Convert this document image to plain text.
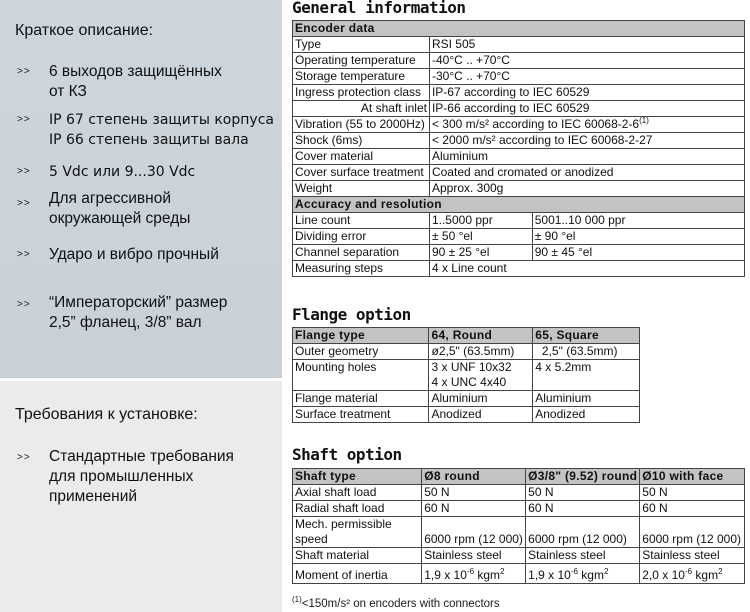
Краткое описание:
>> 6 выходов защищённых
от КЗ
>> IP 67 степень защиты корпуса
IP 66 степень защиты вала
>> 5 Vdc или 9...30 Vdc
>> Для агрессивной
окружающей среды
>> Ударо и вибро прочный
>> “Императорский” размер
2,5” фланец, 3/8” вал
Требования к установке:
>> Стандартные требования
для промышленных
применений
General information
Encoder data		
Type	RSI 505	
Operating temperature	-40°C .. +70°C	
Storage temperature	-30°C .. +70°C	
Ingress protection class	IP-67 according to IEC 60529	
At shaft inlet	IP-66 according to IEC 60529	
Vibration (55 to 2000Hz)	< 300 m/s² according to IEC 60068-2-6$^{(1)}$
Shock (6ms)	< 2000 m/s² according to IEC 60068-2-27	
Cover material	Aluminium	
Cover surface treatment	Coated and cromated or anodized	
Weight	Approx. 300g	
Accuracy and resolution		
Line count	1..5000 ppr	5001..10 000 ppr
Dividing error	± 50 °el	± 90 °el
Channel separation	90 ± 25 °el	90 ± 45 °el
Measuring steps	4 x Line count	
Flange option
Flange type	64, Round	65, Square
Outer geometry	ø2,5" (63.5mm)	2,5" (63.5mm)
Mounting holes	3 x UNF 10x32
4 x UNC 4x40	4 x 5.2mm
Flange material	Aluminium	Aluminium
Surface treatment	Anodized	Anodized
Shaft option
Shaft type	Ø8 round	Ø3/8" (9.52) round	Ø10 with face
Axial shaft load	50 N	50 N	50 N
Radial shaft load	60 N	60 N	60 N

Mech. permissible
speed	6000 rpm (12 000)	6000 rpm (12 000)	6000 rpm (12 000)
Shaft material	Stainless steel	Stainless steel	Stainless steel
Moment of inertia	1,9 x $10^{-6}$ kgm$^2$	1,9 x $10^{-6}$ kgm$^2$	2,0 x $10^{-6}$ kgm$^2$
$^{(1)}$<150m/s² on encoders with connectors
